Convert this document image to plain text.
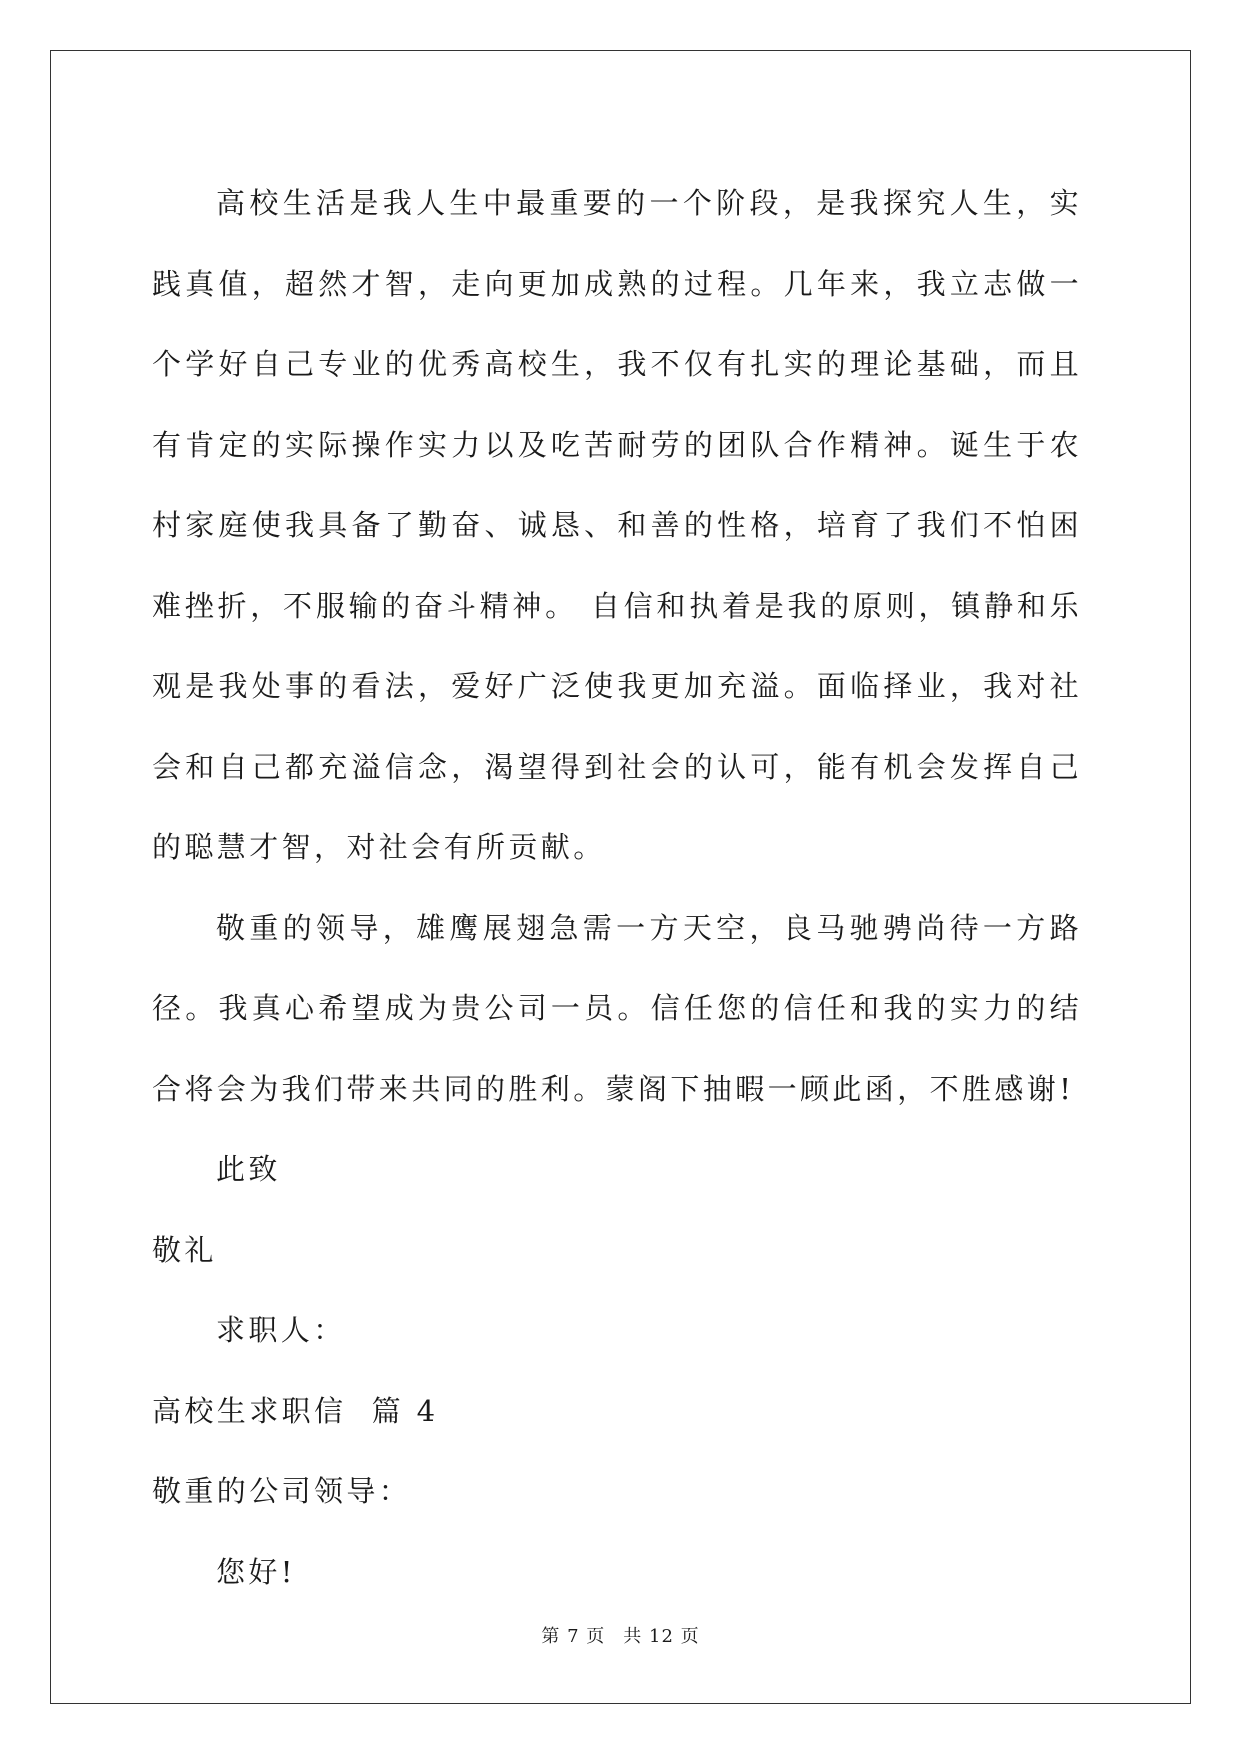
高校生活是我人生中最重要的一个阶段，是我探究人生，实践真值，超然才智，走向更加成熟的过程。几年来，我立志做一个学好自己专业的优秀高校生，我不仅有扎实的理论基础，而且有肯定的实际操作实力以及吃苦耐劳的团队合作精神。诞生于农村家庭使我具备了勤奋、诚恳、和善的性格，培育了我们不怕困难挫折，不服输的奋斗精神。 自信和执着是我的原则，镇静和乐观是我处事的看法，爱好广泛使我更加充溢。面临择业，我对社会和自己都充溢信念，渴望得到社会的认可，能有机会发挥自己的聪慧才智，对社会有所贡献。

敬重的领导，雄鹰展翅急需一方天空，良马驰骋尚待一方路径。我真心希望成为贵公司一员。信任您的信任和我的实力的结合将会为我们带来共同的胜利。蒙阁下抽暇一顾此函，不胜感谢!

此致

敬礼

求职人：

高校生求职信  篇 4

敬重的公司领导：

您好!

第 7 页 共 12 页
